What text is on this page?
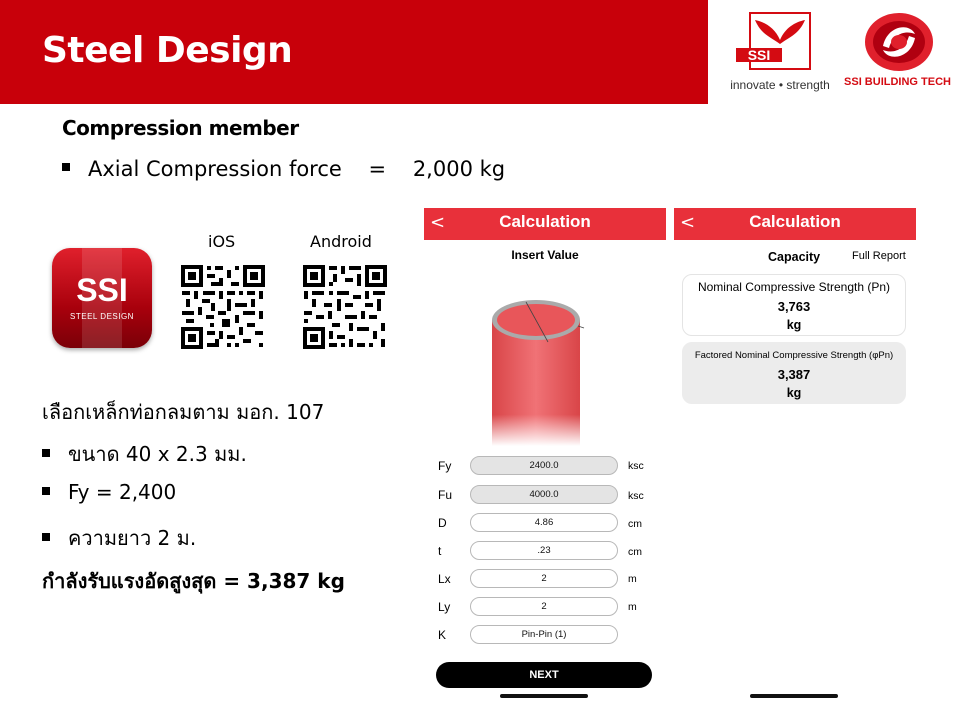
Steel Design	SSI
innovate • strength	SSI BUILDING TECH
Compression member
Axial Compression force    =    2,000 kg
SSI
STEEL DESIGN
iOS	Android
เลือกเหล็กท่อกลมตาม มอก. 107
ขนาด 40 x 2.3 มม.
Fy = 2,400
ความยาว 2 ม.
กำลังรับแรงอัดสูงสุด = 3,387 kg
<	Calculation
Insert Value
Fy	2400.0	ksc
Fu	4000.0	ksc
D	4.86	cm
t	.23	cm
Lx	2	m
Ly	2	m
K	Pin-Pin (1)
NEXT
<	Calculation
Capacity	Full Report
Nominal Compressive Strength (Pn)
3,763
kg
Factored Nominal Compressive Strength (φPn)
3,387
kg
